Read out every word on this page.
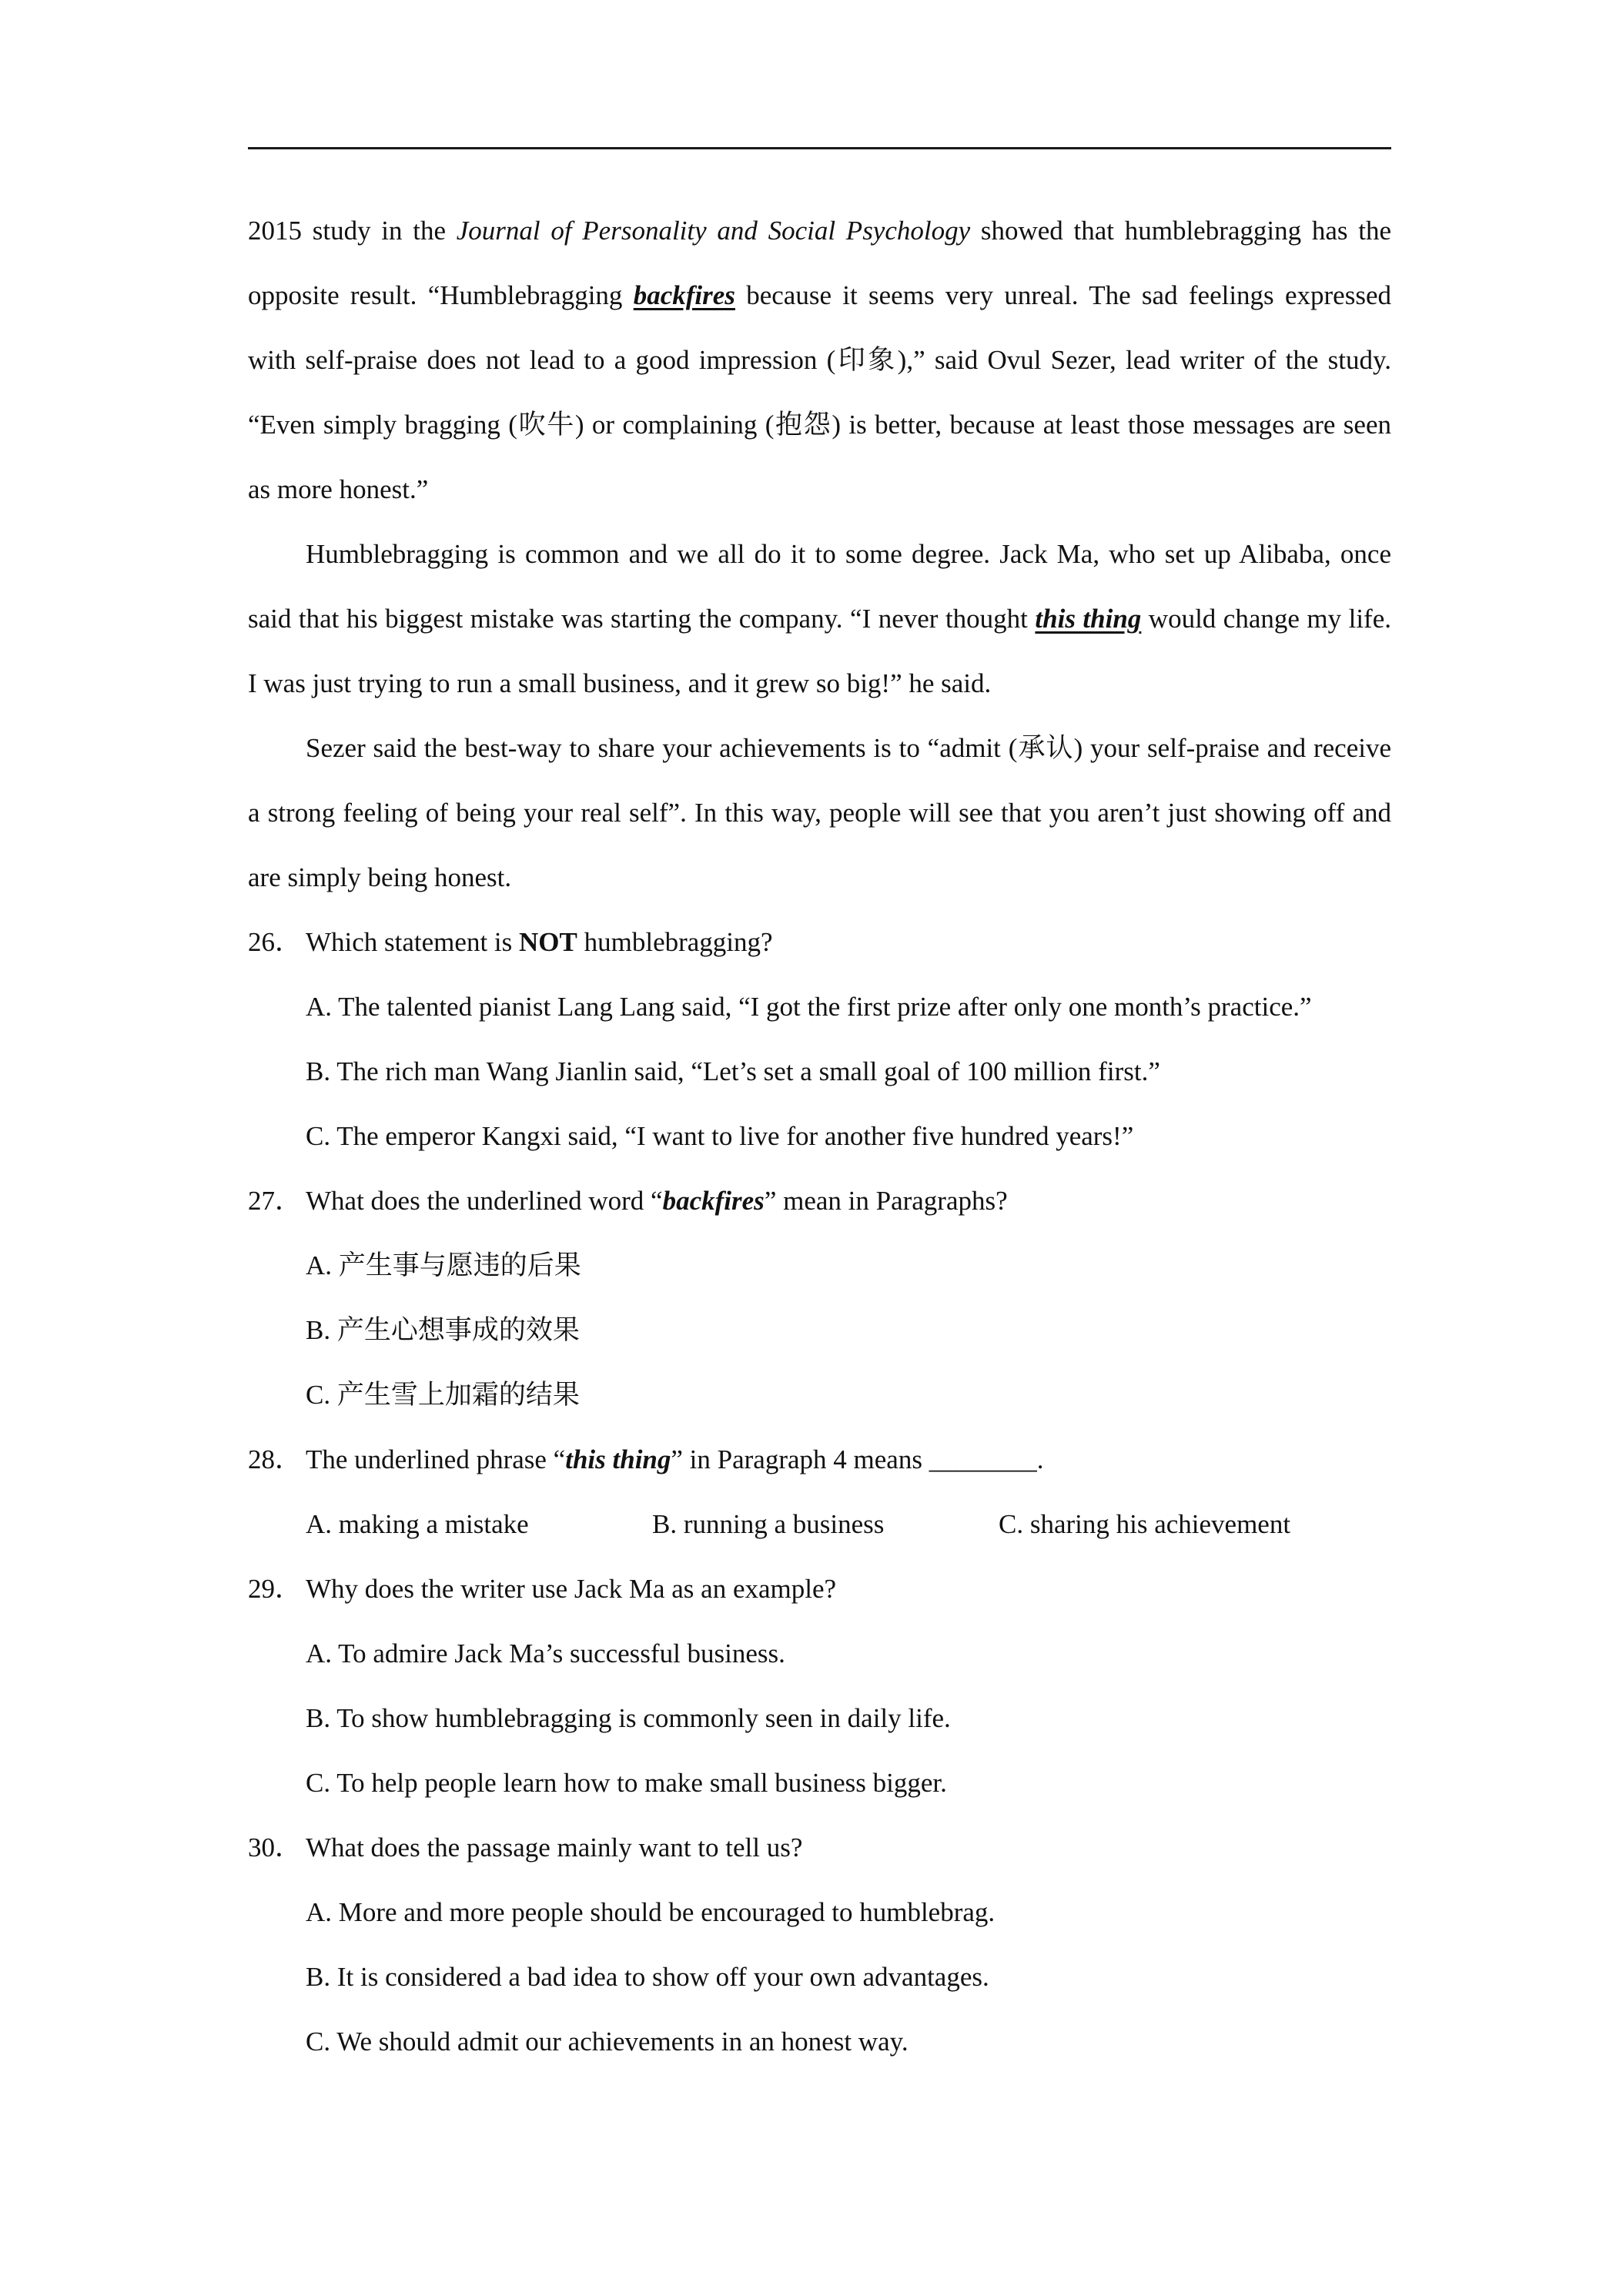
2015 study in the Journal of Personality and Social Psychology showed that humblebragging has the opposite result. “Humblebragging backfires because it seems very unreal. The sad feelings expressed with self-praise does not lead to a good impression (印象),” said Ovul Sezer, lead writer of the study. “Even simply bragging (吹牛) or complaining (抱怨) is better, because at least those messages are seen as more honest.”

Humblebragging is common and we all do it to some degree. Jack Ma, who set up Alibaba, once said that his biggest mistake was starting the company. “I never thought this thing would change my life. I was just trying to run a small business, and it grew so big!” he said.

Sezer said the best-way to share your achievements is to “admit (承认) your self-praise and receive a strong feeling of being your real self”. In this way, people will see that you aren’t just showing off and are simply being honest.

26． Which statement is NOT humblebragging?

A. The talented pianist Lang Lang said, “I got the first prize after only one month’s practice.”

B. The rich man Wang Jianlin said, “Let’s set a small goal of 100 million first.”

C. The emperor Kangxi said, “I want to live for another five hundred years!”

27． What does the underlined word “backfires” mean in Paragraphs?

A. 产生事与愿违的后果

B. 产生心想事成的效果

C. 产生雪上加霜的结果

28． The underlined phrase “this thing” in Paragraph 4 means ________.

A. making a mistake	B. running a business	C. sharing his achievement

29． Why does the writer use Jack Ma as an example?

A. To admire Jack Ma’s successful business.

B. To show humblebragging is commonly seen in daily life.

C. To help people learn how to make small business bigger.

30． What does the passage mainly want to tell us?

A. More and more people should be encouraged to humblebrag.

B. It is considered a bad idea to show off your own advantages.

C. We should admit our achievements in an honest way.
